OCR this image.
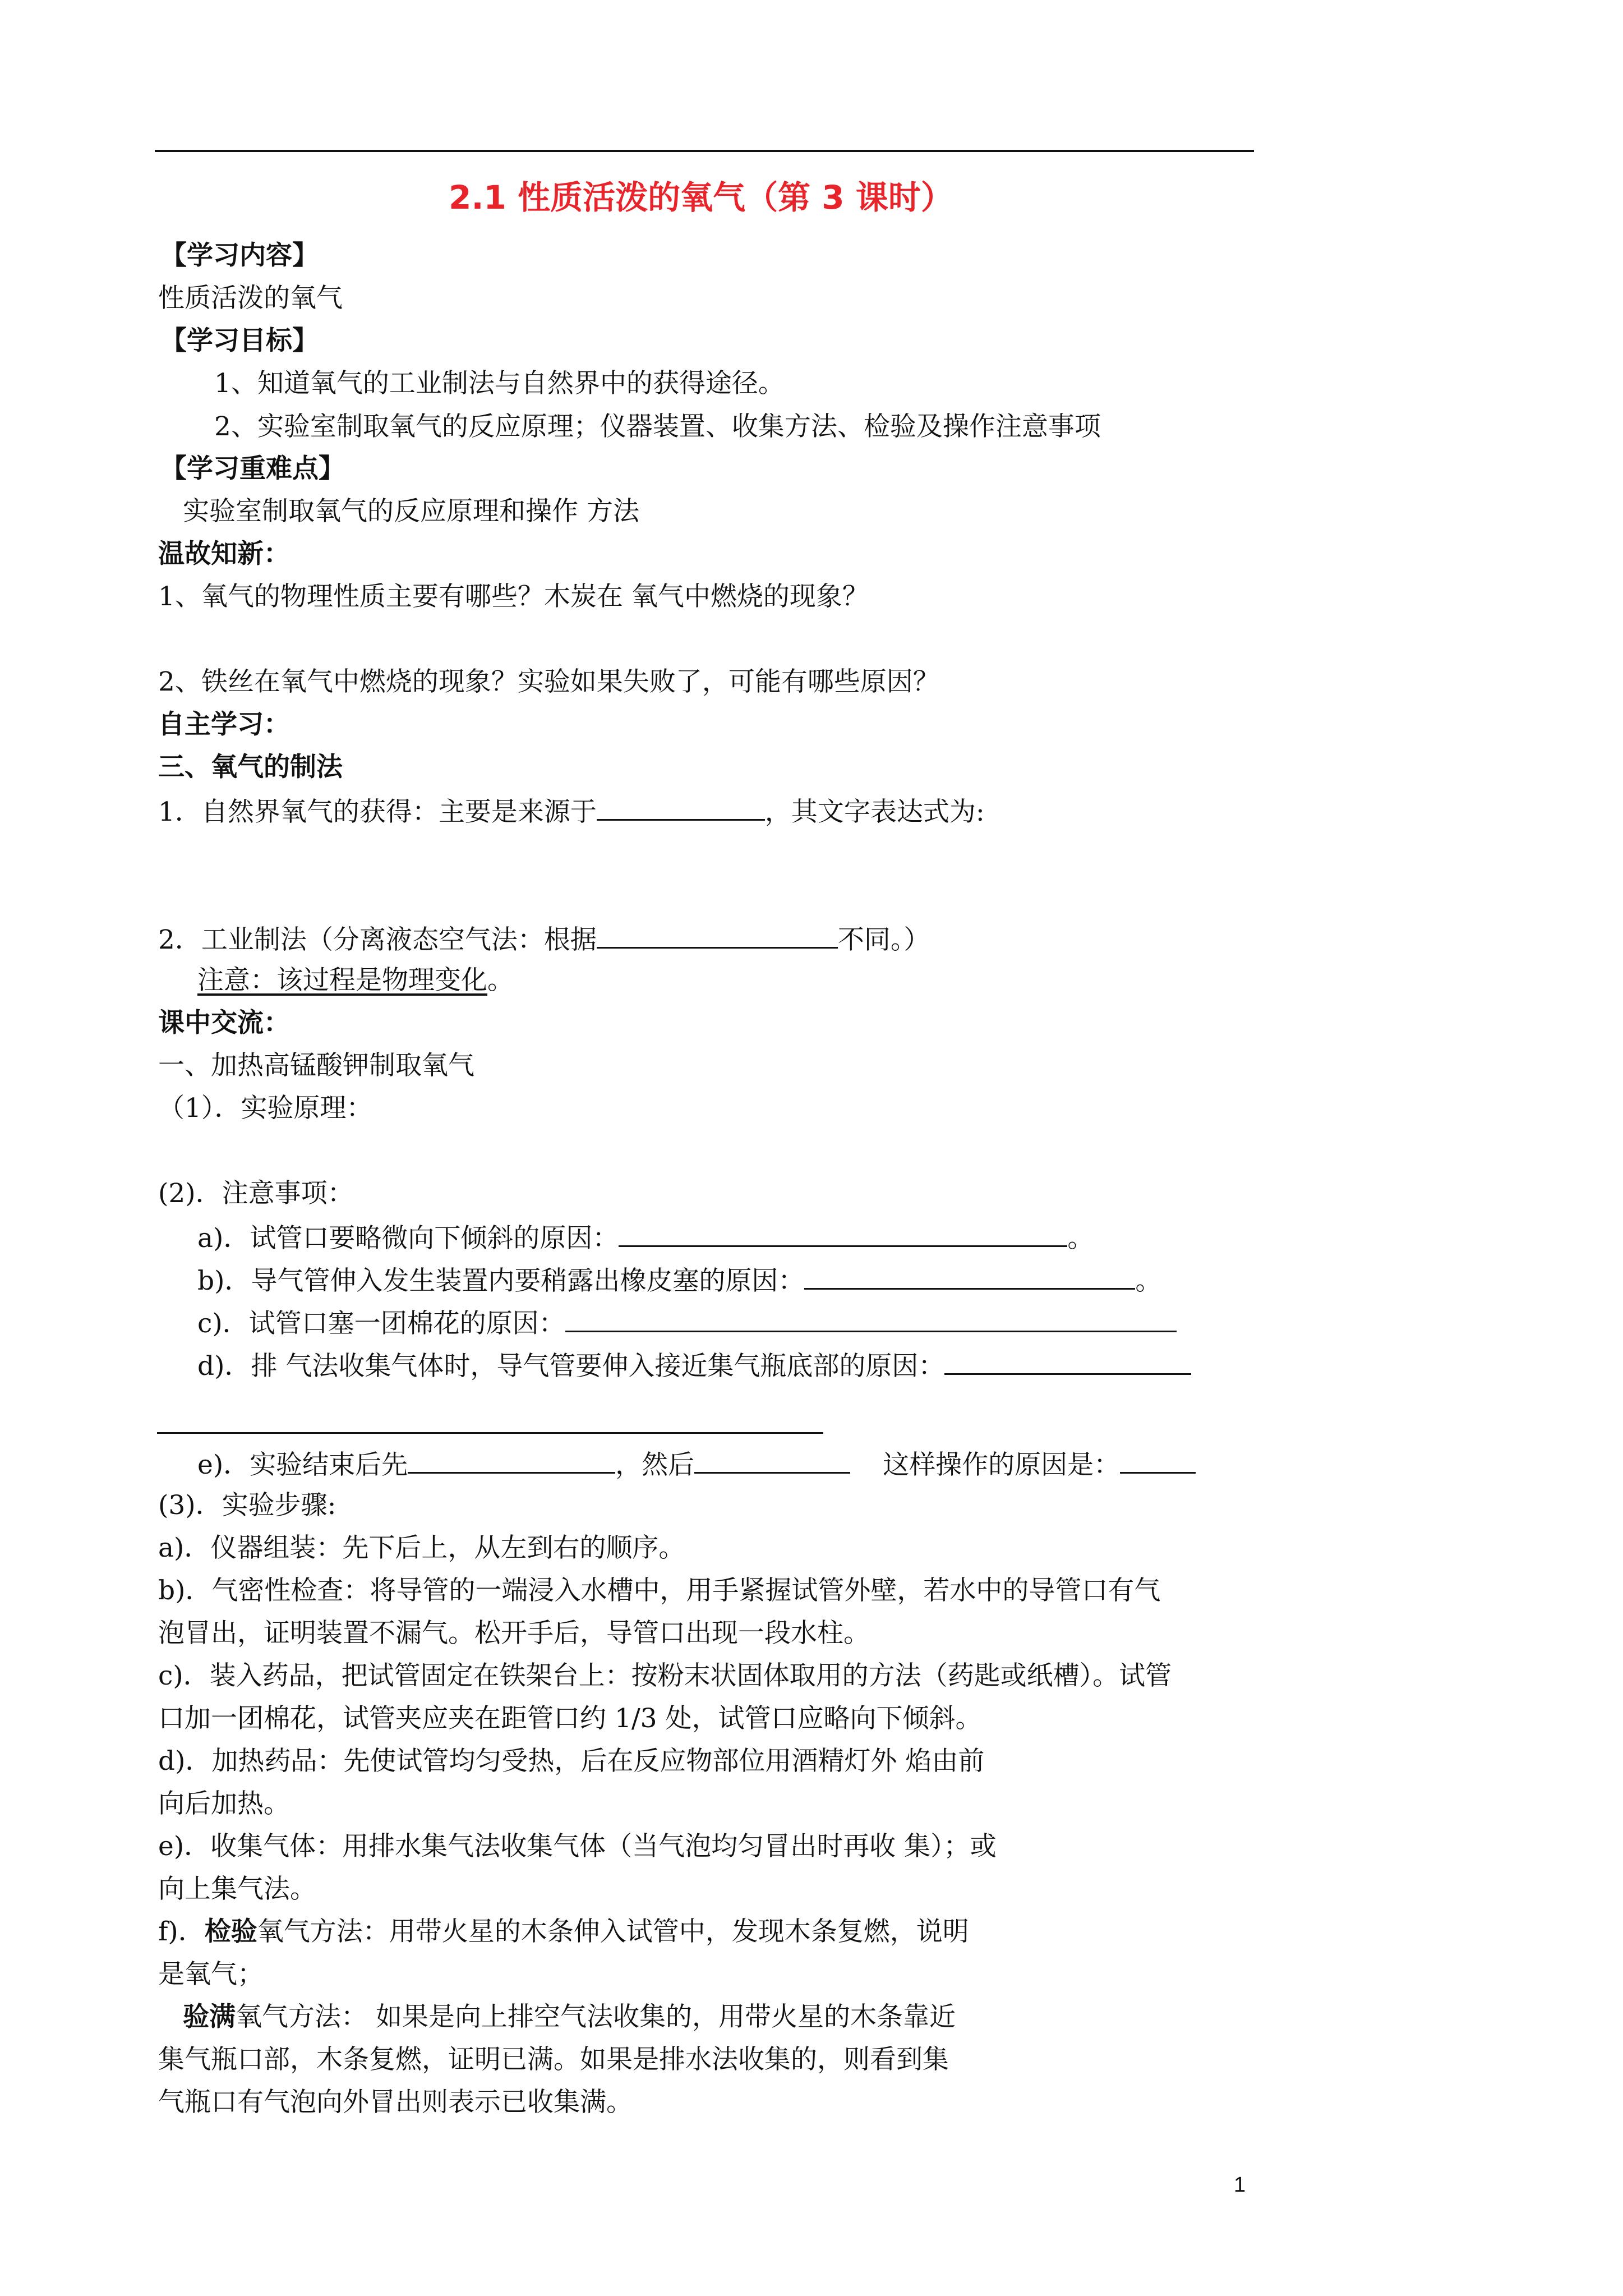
2.1 性质活泼的氧气（第 3 课时）
【学习内容】
性质活泼的氧气
【学习目标】
1、知道氧气的工业制法与自然界中的获得途径。
2、实验室制取氧气的反应原理；仪器装置、收集方法、检验及操作注意事项
【学习重难点】
实验室制取氧气的反应原理和操作 方法
温故知新：
1、氧气的物理性质主要有哪些？木炭在 氧气中燃烧的现象？
2、铁丝在氧气中燃烧的现象？实验如果失败了，可能有哪些原因？
自主学习：
三、氧气的制法
1．自然界氧气的获得：主要是来源于	，其文字表达式为:
2．工业制法（分离液态空气法：根据	不同。）
注意：该过程是物理变化。
课中交流：
一、加热高锰酸钾制取氧气
（1）．实验原理：
(2)．注意事项：
a)．试管口要略微向下倾斜的原因：	。
b)．导气管伸入发生装置内要稍露出橡皮塞的原因：	。
c)．试管口塞一团棉花的原因：
d)．排 气法收集气体时，导气管要伸入接近集气瓶底部的原因：
e)．实验结束后先	，然后	这样操作的原因是：
(3)．实验步骤:
a)．仪器组装：先下后上，从左到右的顺序。
b)．气密性检查：将导管的一端浸入水槽中，用手紧握试管外壁，若水中的导管口有气
泡冒出，证明装置不漏气。松开手后，导管口出现一段水柱。
c)．装入药品，把试管固定在铁架台上：按粉末状固体取用的方法（药匙或纸槽）。试管
口加一团棉花，试管夹应夹在距管口约 1/3 处，试管口应略向下倾斜。
d)．加热药品：先使试管均匀受热，后在反应物部位用酒精灯外 焰由前
向后加热。
e)．收集气体：用排水集气法收集气体（当气泡均匀冒出时再收 集）；或
向上集气法。
f)．检验氧气方法：用带火星的木条伸入试管中，发现木条复燃，说明
是氧气；
验满氧气方法： 如果是向上排空气法收集的，用带火星的木条靠近
集气瓶口部，木条复燃，证明已满。如果是排水法收集的，则看到集
气瓶口有气泡向外冒出则表示已收集满。
1
